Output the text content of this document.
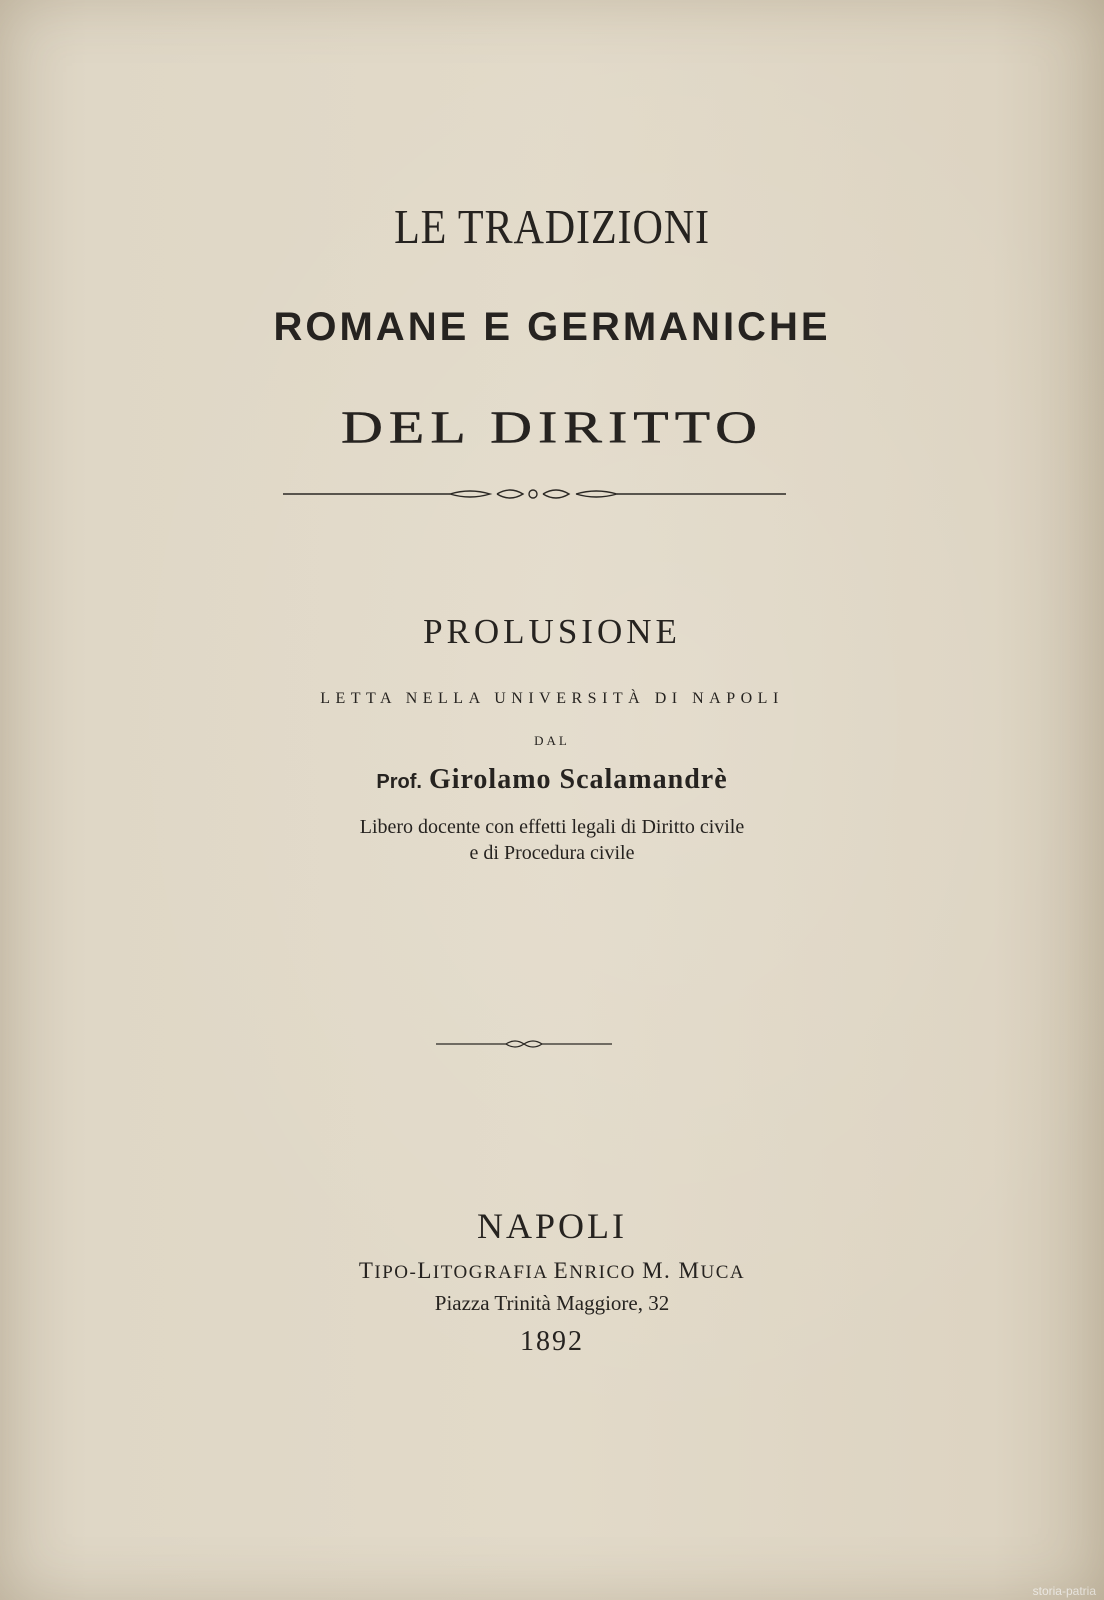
LE TRADIZIONI
ROMANE E GERMANICHE
DEL DIRITTO
PROLUSIONE
LETTA NELLA UNIVERSITÀ DI NAPOLI
DAL
Prof. Girolamo Scalamandrè
Libero docente con effetti legali di Diritto civile
e di Procedura civile
NAPOLI
TIPO-LITOGRAFIA ENRICO M. MUCA
Piazza Trinità Maggiore, 32
1892
storia-patria
